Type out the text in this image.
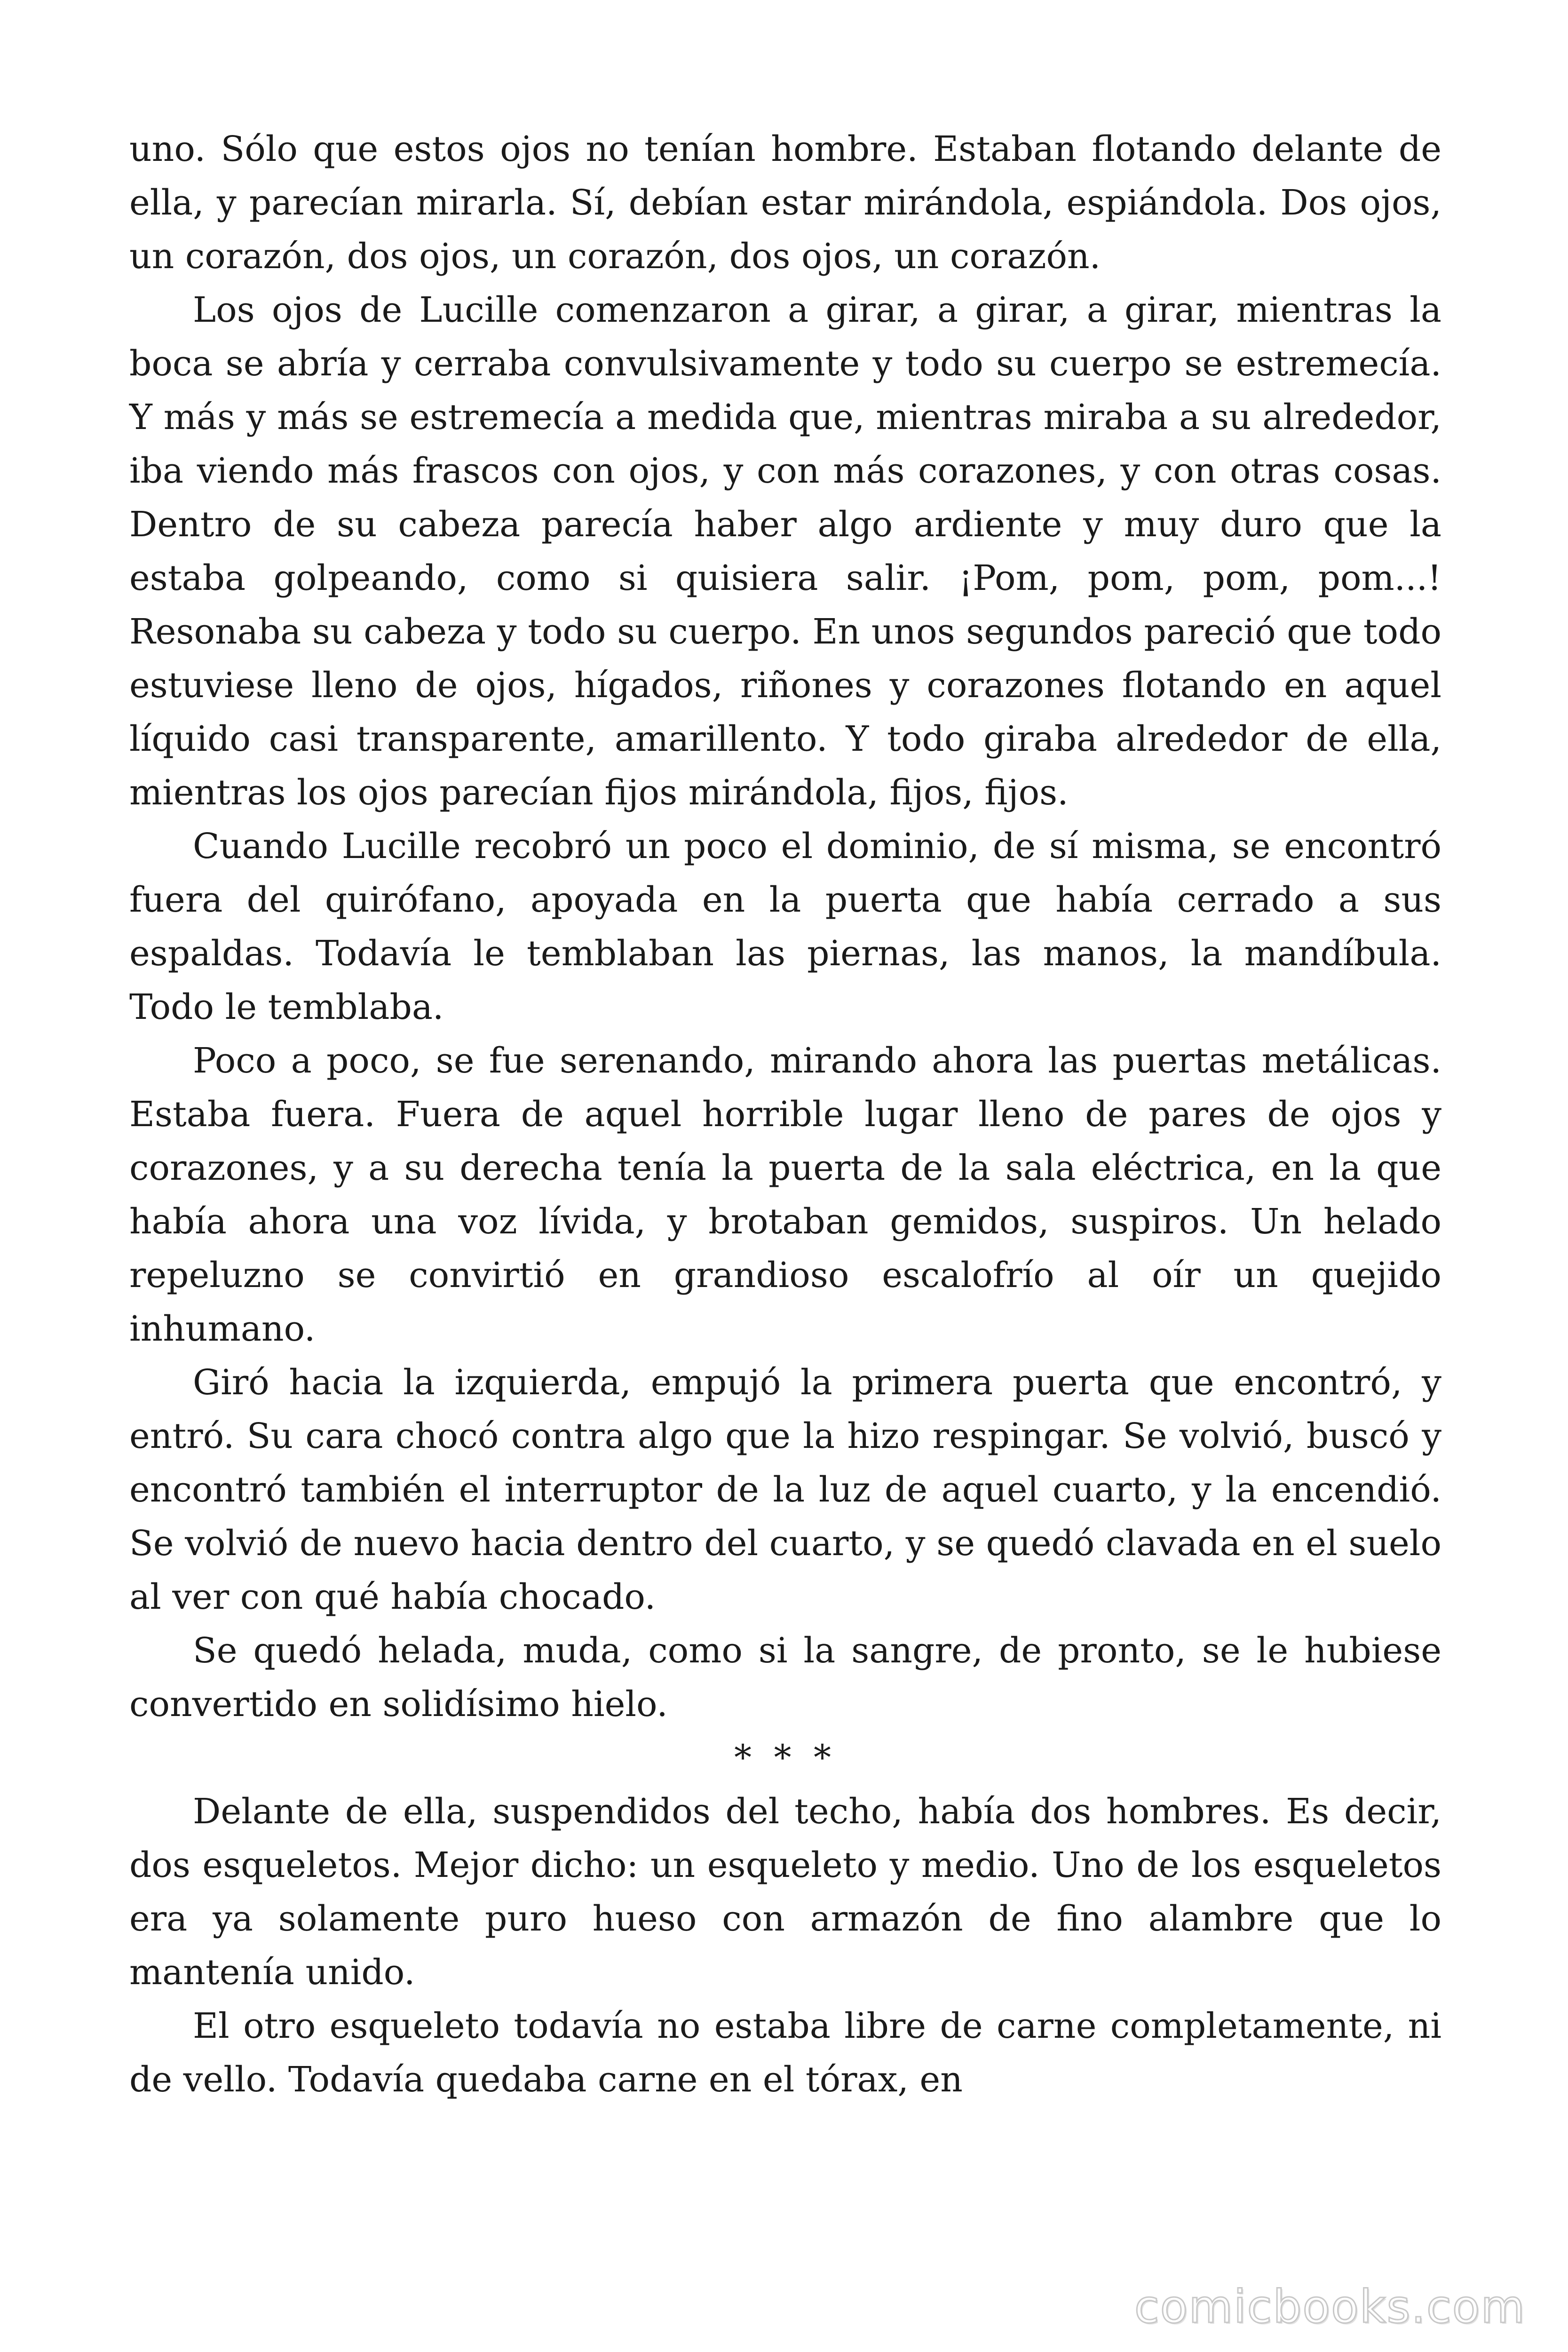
uno. Sólo que estos ojos no tenían hombre. Estaban flotando delante de ella, y parecían mirarla. Sí, debían estar mirándola, espiándola. Dos ojos, un corazón, dos ojos, un corazón, dos ojos, un corazón.

Los ojos de Lucille comenzaron a girar, a girar, a girar, mientras la boca se abría y cerraba convulsivamente y todo su cuerpo se estremecía. Y más y más se estremecía a medida que, mientras miraba a su alrededor, iba viendo más frascos con ojos, y con más corazones, y con otras cosas. Dentro de su cabeza parecía haber algo ardiente y muy duro que la estaba golpeando, como si quisiera salir. ¡Pom, pom, pom, pom...! Resonaba su cabeza y todo su cuerpo. En unos segundos pareció que todo estuviese lleno de ojos, hígados, riñones y corazones flotando en aquel líquido casi transparente, amarillento. Y todo giraba alrededor de ella, mientras los ojos parecían fijos mirándola, fijos, fijos.

Cuando Lucille recobró un poco el dominio, de sí misma, se encontró fuera del quirófano, apoyada en la puerta que había cerrado a sus espaldas. Todavía le temblaban las piernas, las manos, la mandíbula. Todo le temblaba.

Poco a poco, se fue serenando, mirando ahora las puertas metálicas. Estaba fuera. Fuera de aquel horrible lugar lleno de pares de ojos y corazones, y a su derecha tenía la puerta de la sala eléctrica, en la que había ahora una voz lívida, y brotaban gemidos, suspiros. Un helado repeluzno se convirtió en grandioso escalofrío al oír un quejido inhumano.

Giró hacia la izquierda, empujó la primera puerta que encontró, y entró. Su cara chocó contra algo que la hizo respingar. Se volvió, buscó y encontró también el interruptor de la luz de aquel cuarto, y la encendió. Se volvió de nuevo hacia dentro del cuarto, y se quedó clavada en el suelo al ver con qué había chocado.

Se quedó helada, muda, como si la sangre, de pronto, se le hubiese convertido en solidísimo hielo.

* * *

Delante de ella, suspendidos del techo, había dos hombres. Es decir, dos esqueletos. Mejor dicho: un esqueleto y medio. Uno de los esqueletos era ya solamente puro hueso con armazón de fino alambre que lo mantenía unido.

El otro esqueleto todavía no estaba libre de carne completamente, ni de vello. Todavía quedaba carne en el tórax, en

comicbooks.com
